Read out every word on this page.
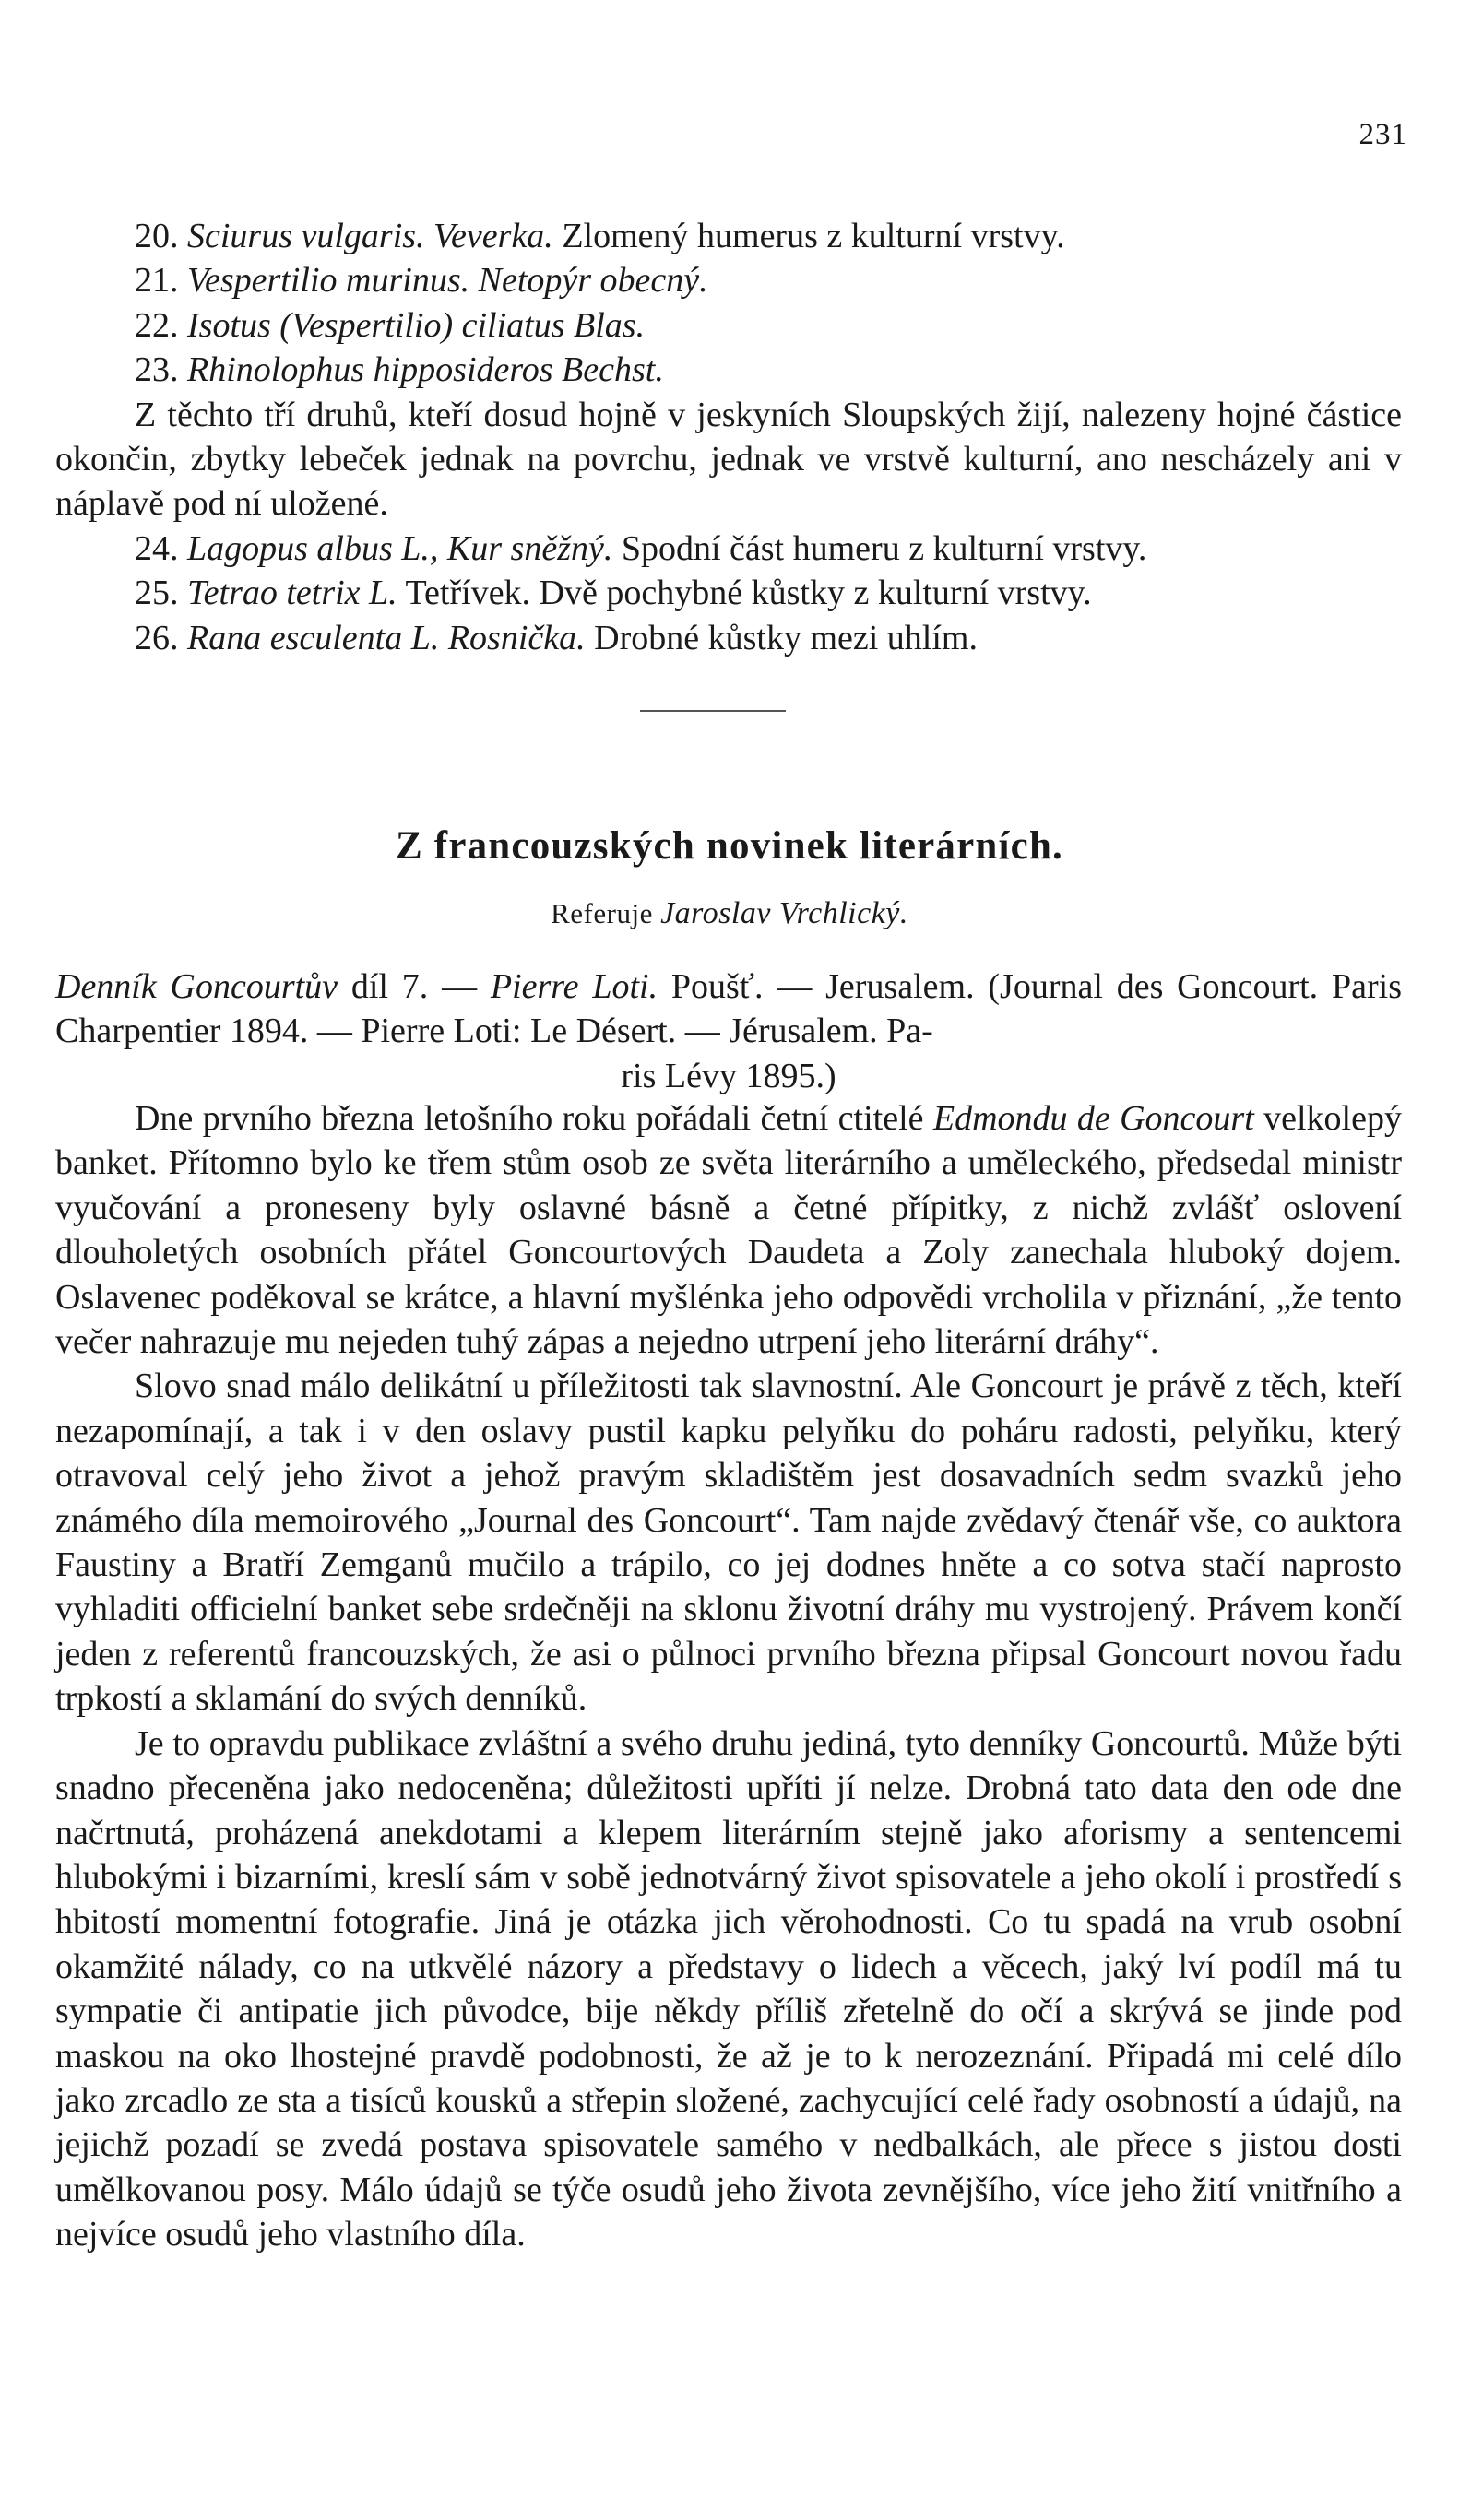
231
20. Sciurus vulgaris. Veverka. Zlomený humerus z kulturní vrstvy.
21. Vespertilio murinus. Netopýr obecný.
22. Isotus (Vespertilio) ciliatus Blas.
23. Rhinolophus hipposideros Bechst.
Z těchto tří druhů, kteří dosud hojně v jeskyních Sloupských žijí, nalezeny hojné částice okončin, zbytky lebeček jednak na povrchu, jednak ve vrstvě kulturní, ano nescházely ani v náplavě pod ní uložené.
24. Lagopus albus L., Kur sněžný. Spodní část humeru z kulturní vrstvy.
25. Tetrao tetrix L. Tetřívek. Dvě pochybné kůstky z kulturní vrstvy.
26. Rana esculenta L. Rosnička. Drobné kůstky mezi uhlím.
Z francouzských novinek literárních.
Referuje Jaroslav Vrchlický.
Denník Goncourtův díl 7. — Pierre Loti. Poušť. — Jerusalem. (Journal des Goncourt. Paris Charpentier 1894. — Pierre Loti: Le Désert. — Jérusalem. Pa-
ris Lévy 1895.)
Dne prvního března letošního roku pořádali četní ctitelé Edmondu de Goncourt velkolepý banket. Přítomno bylo ke třem stům osob ze světa literárního a uměleckého, předsedal ministr vyučování a proneseny byly oslavné básně a četné přípitky, z nichž zvlášť oslovení dlouholetých osobních přátel Goncourtových Daudeta a Zoly zanechala hluboký dojem. Oslavenec poděkoval se krátce, a hlavní myšlénka jeho odpovědi vrcholila v přiznání, „že tento večer nahrazuje mu nejeden tuhý zápas a nejedno utrpení jeho literární dráhy“.
Slovo snad málo delikátní u příležitosti tak slavnostní. Ale Goncourt je právě z těch, kteří nezapomínají, a tak i v den oslavy pustil kapku pelyňku do poháru radosti, pelyňku, který otravoval celý jeho život a jehož pravým skladištěm jest dosavadních sedm svazků jeho známého díla memoirového „Journal des Goncourt“. Tam najde zvědavý čtenář vše, co auktora Faustiny a Bratří Zemganů mučilo a trápilo, co jej dodnes hněte a co sotva stačí naprosto vyhladiti officielní banket sebe srdečněji na sklonu životní dráhy mu vystrojený. Právem končí jeden z referentů francouzských, že asi o půlnoci prvního března připsal Goncourt novou řadu trpkostí a sklamání do svých denníků.
Je to opravdu publikace zvláštní a svého druhu jediná, tyto denníky Goncourtů. Může býti snadno přeceněna jako nedoceněna; důležitosti upříti jí nelze. Drobná tato data den ode dne načrtnutá, proházená anekdotami a klepem literárním stejně jako aforismy a sentencemi hlubokými i bizarními, kreslí sám v sobě jednotvárný život spisovatele a jeho okolí i prostředí s hbitostí momentní fotografie. Jiná je otázka jich věrohodnosti. Co tu spadá na vrub osobní okamžité nálady, co na utkvělé názory a představy o lidech a věcech, jaký lví podíl má tu sympatie či antipatie jich původce, bije někdy příliš zřetelně do očí a skrývá se jinde pod maskou na oko lhostejné pravdě podobnosti, že až je to k nerozeznání. Připadá mi celé dílo jako zrcadlo ze sta a tisíců kousků a střepin složené, zachycující celé řady osobností a údajů, na jejichž pozadí se zvedá postava spisovatele samého v nedbalkách, ale přece s jistou dosti umělkovanou posy. Málo údajů se týče osudů jeho života zevnějšího, více jeho žití vnitřního a nejvíce osudů jeho vlastního díla.
